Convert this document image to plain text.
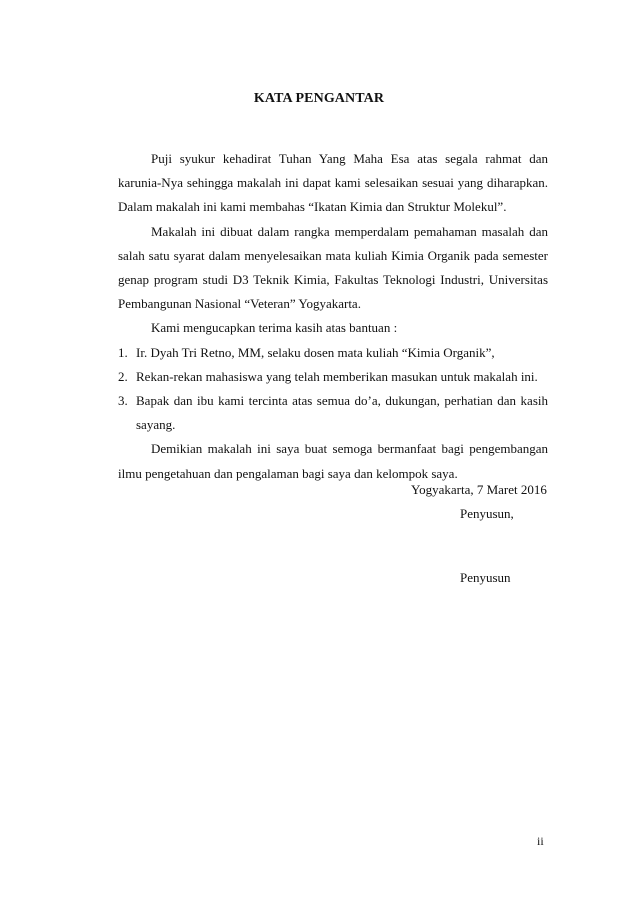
KATA PENGANTAR

Puji syukur kehadirat Tuhan Yang Maha Esa atas segala rahmat dan karunia-Nya sehingga makalah ini dapat kami selesaikan sesuai yang diharapkan. Dalam makalah ini kami membahas “Ikatan Kimia dan Struktur Molekul”.

Makalah ini dibuat dalam rangka memperdalam pemahaman masalah dan salah satu syarat dalam menyelesaikan mata kuliah Kimia Organik pada semester genap program studi D3 Teknik Kimia, Fakultas Teknologi Industri, Universitas Pembangunan Nasional “Veteran” Yogyakarta.

Kami mengucapkan terima kasih atas bantuan :

1. Ir. Dyah Tri Retno, MM, selaku dosen mata kuliah “Kimia Organik”,
2. Rekan-rekan mahasiswa yang telah memberikan masukan untuk makalah ini.
3. Bapak dan ibu kami tercinta atas semua do’a, dukungan, perhatian dan kasih sayang.

Demikian makalah ini saya buat semoga bermanfaat bagi pengembangan ilmu pengetahuan dan pengalaman bagi saya dan kelompok saya.

Yogyakarta, 7 Maret 2016
Penyusun,
Penyusun
ii
